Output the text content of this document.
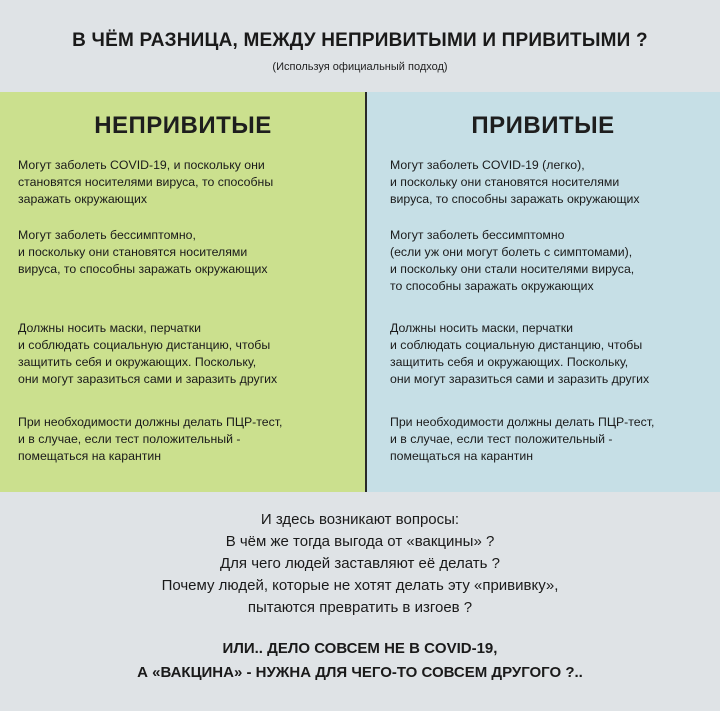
В ЧЁМ РАЗНИЦА, МЕЖДУ НЕПРИВИТЫМИ И ПРИВИТЫМИ ?
(Используя официальный подход)
НЕПРИВИТЫЕ
Могут заболеть COVID-19, и поскольку они
становятся носителями вируса, то способны
заражать окружающих
Могут заболеть бессимптомно,
и поскольку они становятся носителями
вируса, то способны заражать окружающих
Должны носить маски, перчатки
и соблюдать социальную дистанцию, чтобы
защитить себя и окружающих. Поскольку,
они могут заразиться сами и заразить других
При необходимости должны делать ПЦР-тест,
и в случае, если тест положительный -
помещаться на карантин
ПРИВИТЫЕ
Могут заболеть COVID-19 (легко),
и поскольку они становятся носителями
вируса, то способны заражать окружающих
Могут заболеть бессимптомно
(если уж они могут болеть с симптомами),
и поскольку они стали носителями вируса,
то способны заражать окружающих
Должны носить маски, перчатки
и соблюдать социальную дистанцию, чтобы
защитить себя и окружающих. Поскольку,
они могут заразиться сами и заразить других
При необходимости должны делать ПЦР-тест,
и в случае, если тест положительный -
помещаться на карантин
И здесь возникают вопросы:
В чём же тогда выгода от «вакцины» ?
Для чего людей заставляют её делать ?
Почему людей, которые не хотят делать эту «прививку»,
пытаются превратить в изгоев ?
ИЛИ.. ДЕЛО СОВСЕМ НЕ В COVID-19,
А «ВАКЦИНА» - НУЖНА ДЛЯ ЧЕГО-ТО СОВСЕМ ДРУГОГО ?..
